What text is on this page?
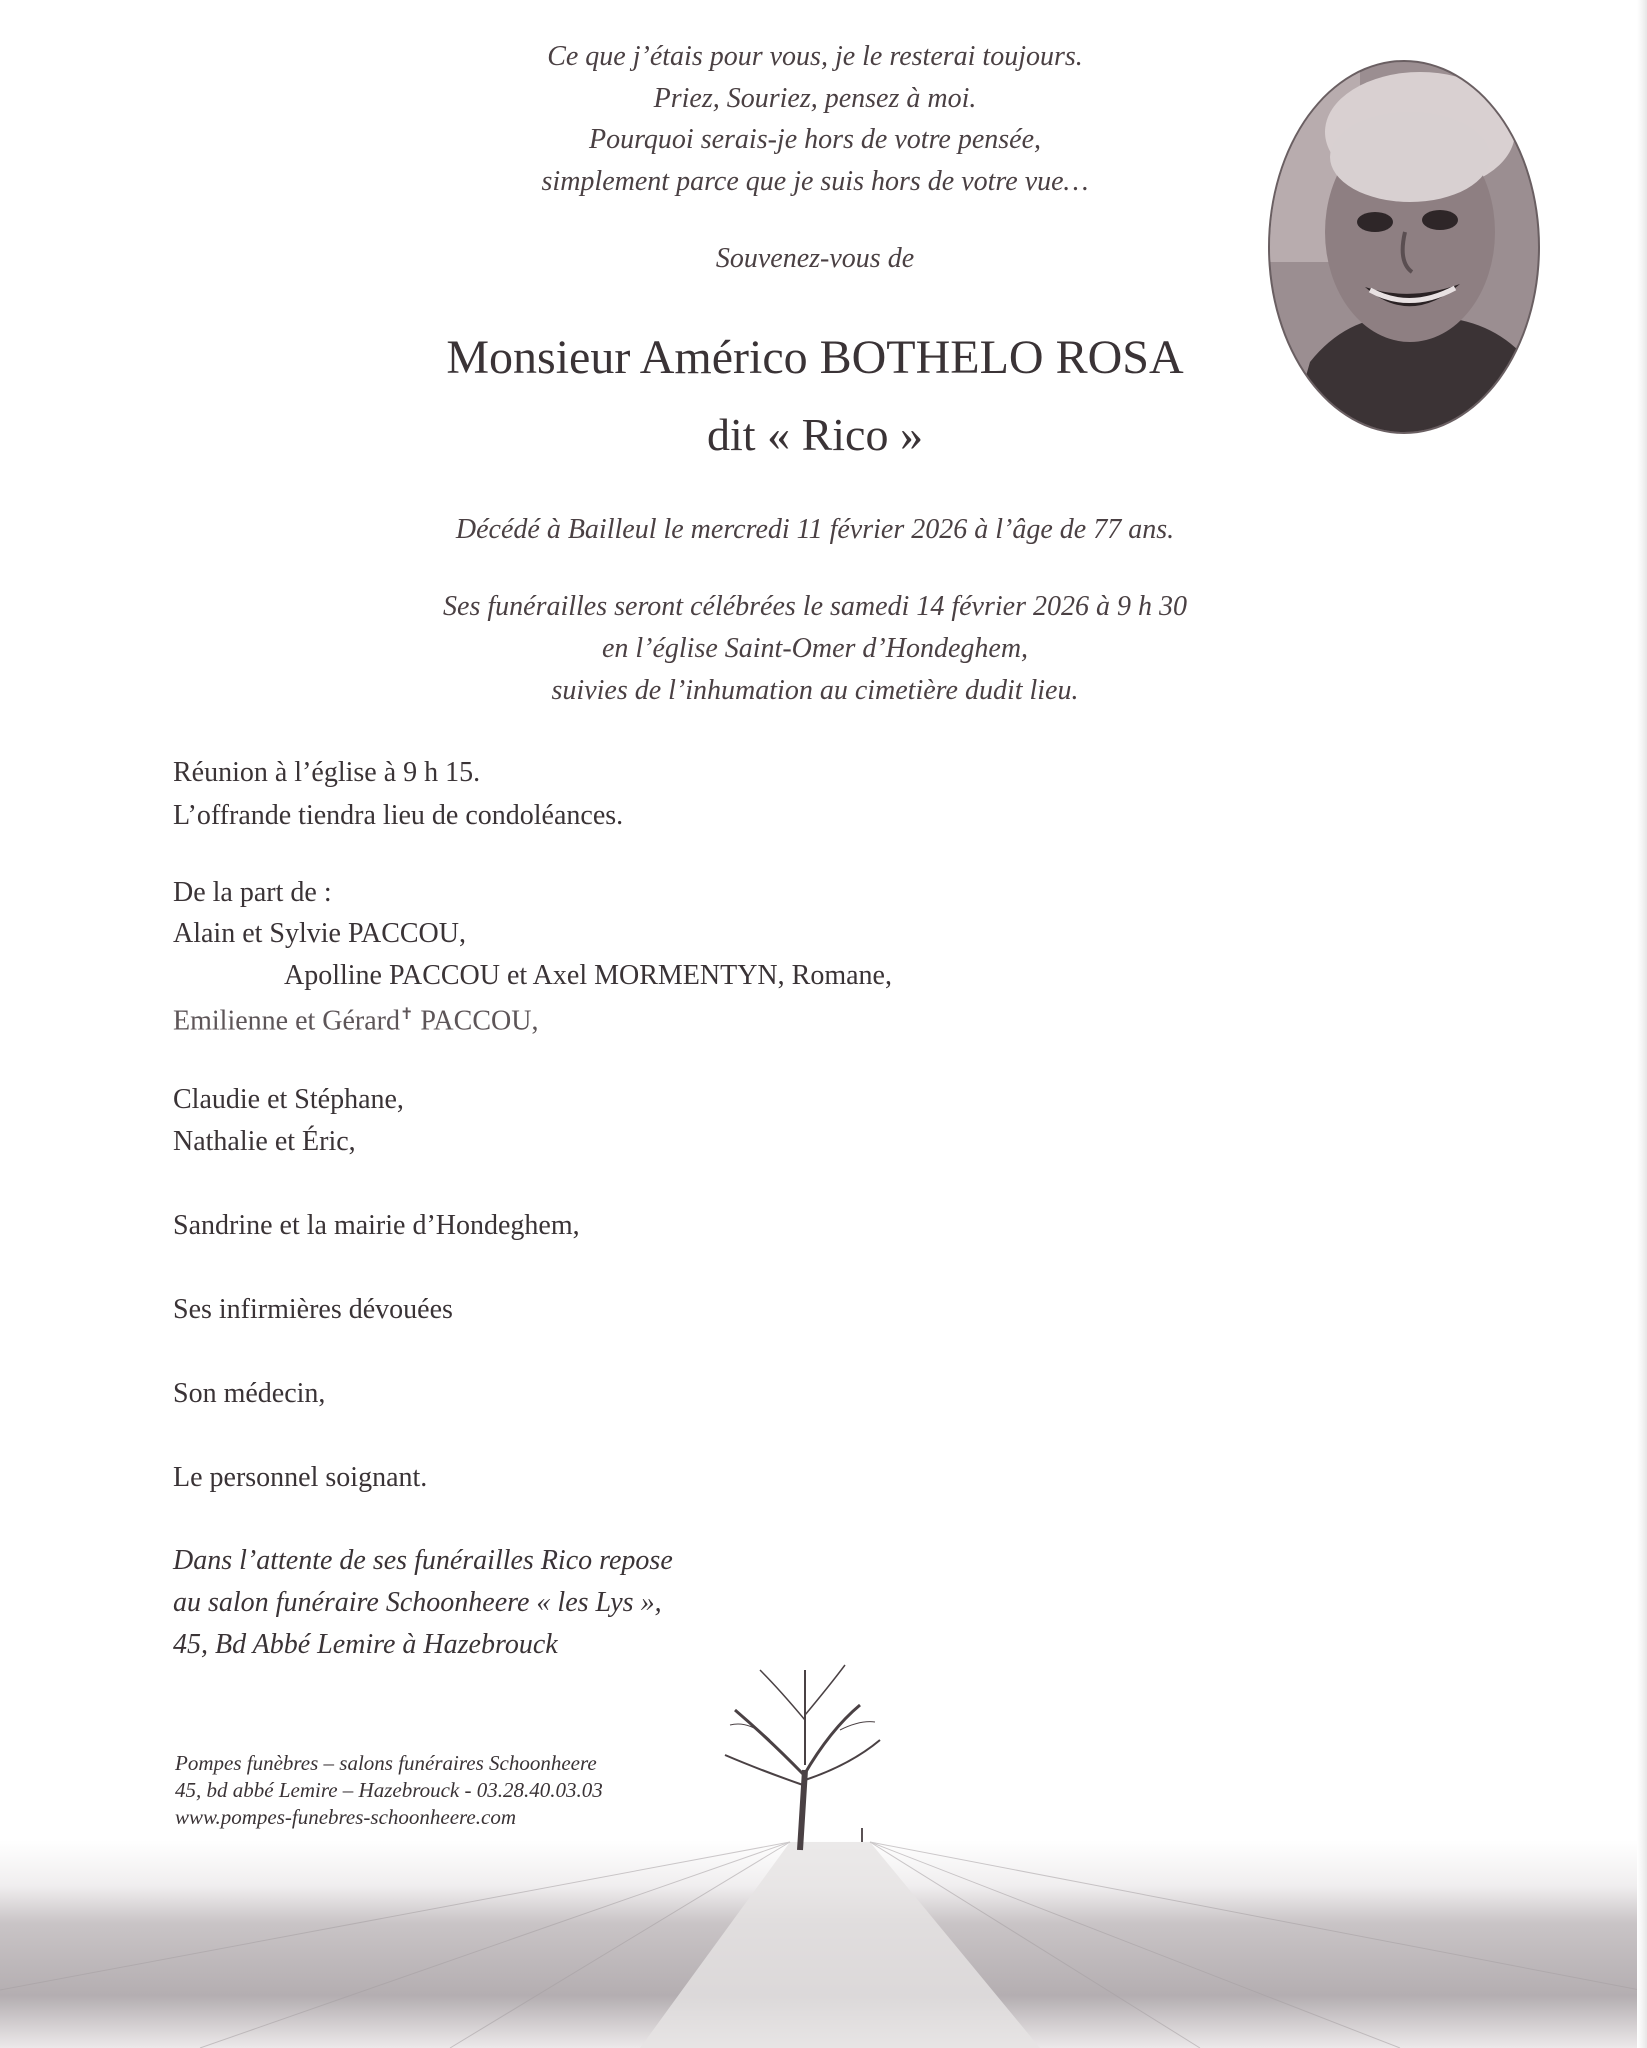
Ce que j’étais pour vous, je le resterai toujours.
Priez, Souriez, pensez à moi.
Pourquoi serais-je hors de votre pensée,
simplement parce que je suis hors de votre vue…
Souvenez-vous de
Monsieur Américo BOTHELO ROSA
dit « Rico »
Décédé à Bailleul le mercredi 11 février 2026 à l’âge de 77 ans.
Ses funérailles seront célébrées le samedi 14 février 2026 à 9 h 30
en l’église Saint-Omer d’Hondeghem,
suivies de l’inhumation au cimetière dudit lieu.
Réunion à l’église à 9 h 15.
L’offrande tiendra lieu de condoléances.
De la part de :
Alain et Sylvie PACCOU,
Apolline PACCOU et Axel MORMENTYN, Romane,
Emilienne et Gérard✝ PACCOU,
Claudie et Stéphane,
Nathalie et Éric,
Sandrine et la mairie d’Hondeghem,
Ses infirmières dévouées
Son médecin,
Le personnel soignant.
Dans l’attente de ses funérailles Rico repose
au salon funéraire Schoonheere « les Lys »,
45, Bd Abbé Lemire à Hazebrouck
Pompes funèbres – salons funéraires Schoonheere
45, bd abbé Lemire – Hazebrouck - 03.28.40.03.03
www.pompes-funebres-schoonheere.com
